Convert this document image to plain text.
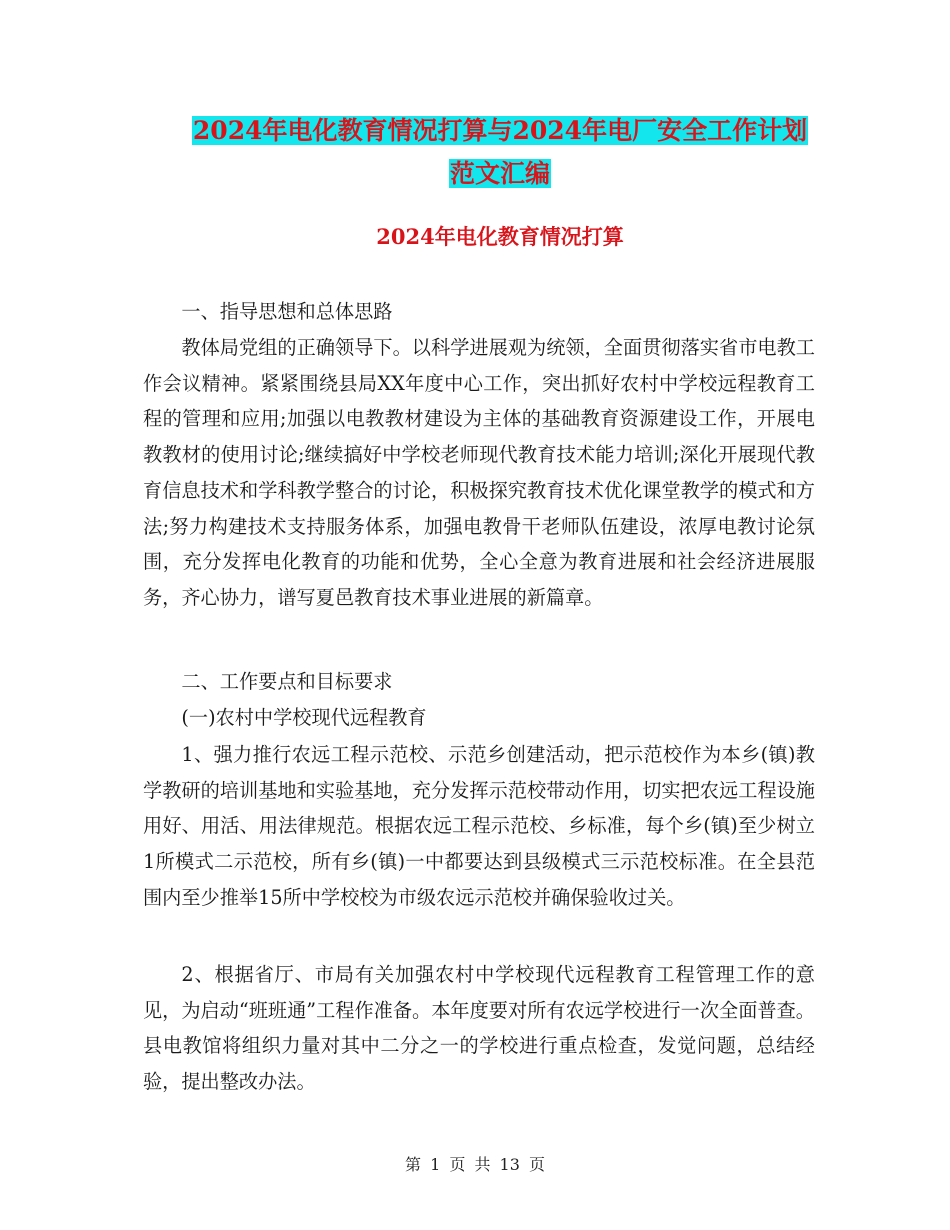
2024年电化教育情况打算与2024年电厂安全工作计划
范文汇编
2024年电化教育情况打算
一、指导思想和总体思路
教体局党组的正确领导下。以科学进展观为统领，全面贯彻落实省市电教工作会议精神。紧紧围绕县局XX年度中心工作，突出抓好农村中学校远程教育工程的管理和应用;加强以电教教材建设为主体的基础教育资源建设工作，开展电教教材的使用讨论;继续搞好中学校老师现代教育技术能力培训;深化开展现代教育信息技术和学科教学整合的讨论，积极探究教育技术优化课堂教学的模式和方法;努力构建技术支持服务体系，加强电教骨干老师队伍建设，浓厚电教讨论氛围，充分发挥电化教育的功能和优势，全心全意为教育进展和社会经济进展服务，齐心协力，谱写夏邑教育技术事业进展的新篇章。
二、工作要点和目标要求
(一)农村中学校现代远程教育
1、强力推行农远工程示范校、示范乡创建活动，把示范校作为本乡(镇)教学教研的培训基地和实验基地，充分发挥示范校带动作用，切实把农远工程设施用好、用活、用法律规范。根据农远工程示范校、乡标准，每个乡(镇)至少树立1所模式二示范校，所有乡(镇)一中都要达到县级模式三示范校标准。在全县范围内至少推举15所中学校校为市级农远示范校并确保验收过关。
2、根据省厅、市局有关加强农村中学校现代远程教育工程管理工作的意见，为启动“班班通”工程作准备。本年度要对所有农远学校进行一次全面普查。县电教馆将组织力量对其中二分之一的学校进行重点检查，发觉问题，总结经验，提出整改办法。
第 1 页 共 13 页
